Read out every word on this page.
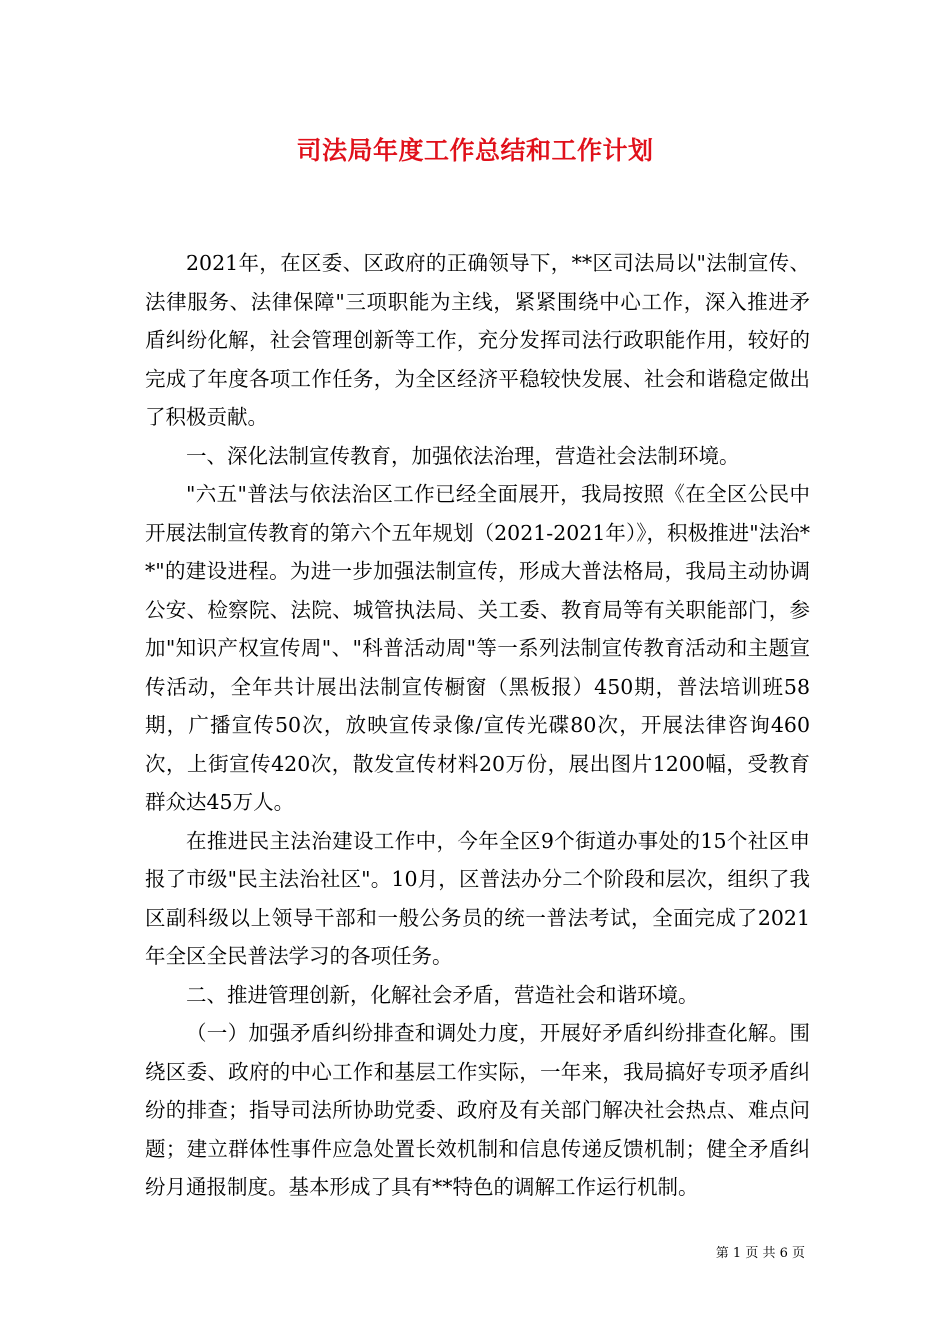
司法局年度工作总结和工作计划

2021年，在区委、区政府的正确领导下，**区司法局以"法制宣传、法律服务、法律保障"三项职能为主线，紧紧围绕中心工作，深入推进矛盾纠纷化解，社会管理创新等工作，充分发挥司法行政职能作用，较好的完成了年度各项工作任务，为全区经济平稳较快发展、社会和谐稳定做出了积极贡献。

一、深化法制宣传教育，加强依法治理，营造社会法制环境。

"六五"普法与依法治区工作已经全面展开，我局按照《在全区公民中开展法制宣传教育的第六个五年规划（2021-2021年）》，积极推进"法治**"的建设进程。为进一步加强法制宣传，形成大普法格局，我局主动协调公安、检察院、法院、城管执法局、关工委、教育局等有关职能部门，参加"知识产权宣传周"、"科普活动周"等一系列法制宣传教育活动和主题宣传活动，全年共计展出法制宣传橱窗（黑板报）450期，普法培训班58期，广播宣传50次，放映宣传录像/宣传光碟80次，开展法律咨询460次，上街宣传420次，散发宣传材料20万份，展出图片1200幅，受教育群众达45万人。

在推进民主法治建设工作中，今年全区9个街道办事处的15个社区申报了市级"民主法治社区"。10月，区普法办分二个阶段和层次，组织了我区副科级以上领导干部和一般公务员的统一普法考试，全面完成了2021年全区全民普法学习的各项任务。

二、推进管理创新，化解社会矛盾，营造社会和谐环境。

（一）加强矛盾纠纷排查和调处力度，开展好矛盾纠纷排查化解。围绕区委、政府的中心工作和基层工作实际，一年来，我局搞好专项矛盾纠纷的排查；指导司法所协助党委、政府及有关部门解决社会热点、难点问题；建立群体性事件应急处置长效机制和信息传递反馈机制；健全矛盾纠纷月通报制度。基本形成了具有**特色的调解工作运行机制。

第 1 页 共 6 页
